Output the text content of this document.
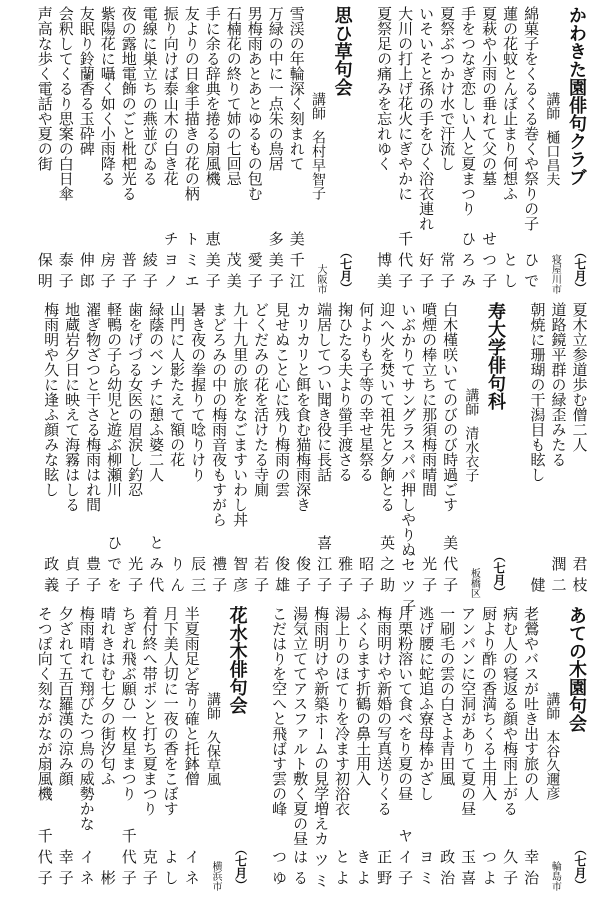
かわきた園俳句クラブ
（七月）
講師樋口昌夫
寝屋川市
綿菓子をくるくる巻くや祭りの子
ひで
蓮の花蚊とんぼ止まり何想ふ
とし
夏萩や小雨の垂れて父の墓
せつ子
手をつなぎ恋しい人と夏まつり
ひろみ
夏祭ぶつかけ水で汗流し
常子
いそいそと孫の手をひく浴衣連れ
好子
大川の打上げ花火にぎやかに
千代子
夏祭足の痛みを忘れゆく
博美
思ひ草句会
（七月）
講師名村早智子
大阪市
雪渓の年輪深く刻まれて
美千江
万緑の中に一点朱の鳥居
多美子
男梅雨あとあとゆるもの包む
愛子
石楠花の終りて姉の七回忌
茂美
手に余る辞典を捲る扇風機
恵美子
友よりの日傘手描きの花の柄
トミエ
振り向けば泰山木の白き花
チヨノ
電線に巣立ちの燕並びゐる
綾子
夜の露地電飾のごと枇杷光る
普子
紫陽花に囁く如く小雨降る
房子
友眠り鈴蘭香る玉砕碑
伸郎
会釈してくるり思案の白日傘
泰子
声高な歩く電話や夏の街
保明
夏木立参道歩む僧二人
君枝
道路鏡平群の緑歪みたる
潤二
朝焼に珊瑚の干潟目も眩し
健
寿大学俳句科
（七月）
講師清水衣子
板橋区
白木槿咲いてのびのび時過ごす
美代子
噴煙の棒立ちに那須梅雨晴間
光子
いぶかりてサングラスパパ押しやりぬ
セツ子
迎へ火を焚いて祖先と夕餉とる
英之助
何よりも子等の幸せ星祭る
昭子
掬ひたる夫より螢手渡さる
雅子
端居してつい聞き役に長話
喜江子
カリカリと餌を食む猫梅雨深き
俊子
見せぬこと心に残り梅雨の雲
俊雄
どくだみの花を活けたる寺廁
若子
九十九里の旅をなごますいわし丼
智彦
まどろみの中の梅雨音夜もすがら
禮子
暑き夜の拳握りて唸りけり
辰三
山門に人影たえて額の花
りん
緑蔭のベンチに憩ふ婆二人
とみ代
歯をげづる女医の眉涙し釣忍
光子
軽鴨の子ら幼児と遊ぶ柳瀬川
ひでを
濯ぎ物ざつと干さる梅雨はれ間
豊子
地蔵岩夕日に映えて海霧はしる
貞子
梅雨明や久に逢ふ顔みな眩し
政義
あての木園句会
（七月）
講師本谷久邇彦
輪島市
老鶯やバスが吐き出す旅の人
幸治
病む人の寝返る顔や梅雨上がる
久子
厨より酢の香満ちくる土用入
つよ
アンパンに空洞がありて夏の昼
玉喜
一刷毛の雲の白さよ青田風
政治
逃げ腰に蛇追ふ寮母棒かざし
ヨミ
片栗粉溶いて食べをり夏の昼
ヤイ子
梅雨明けや新婚の写真送りくる
正野
ふくらます折鶴の鼻土用入
きよ
湯上りのほてりを冷ます初浴衣
とよ
梅雨明けや新築ホームの見学増え
カツミ
湯気立ててアスファルト敷く夏の昼
はる
こだはりを空へと飛ばす雲の峰
つゆ
花水木俳句会
（七月）
講師久保草風
横浜市
半夏雨足ど寄り確と托鉢僧
イネ
月下美人切に一夜の香をこぼす
よし
着付終へ帯ポンと打ち夏まつり
克子
ちぎれ飛ぶ願ひ一枚星まつり
千代子
晴れきはむ七夕の街汐匂ふ
彬
梅雨晴れて翔びたつ鳥の威勢かな
イネ
夕ざれて五百羅漢の涼み顔
幸子
そつぽ向く刻ながなが扇風機
千代子
